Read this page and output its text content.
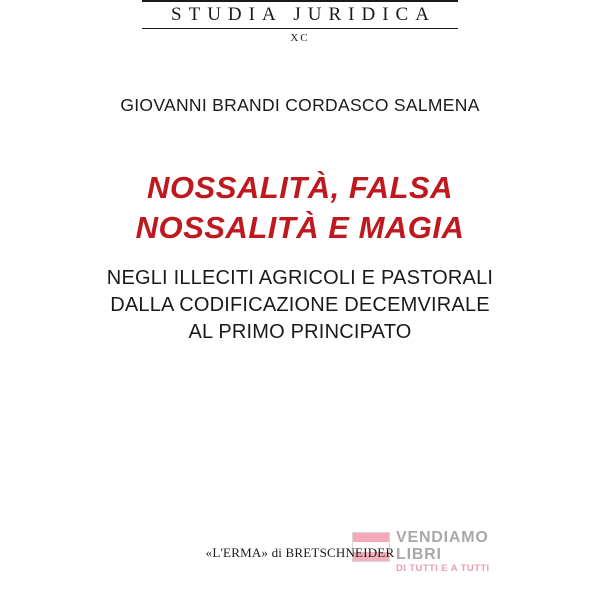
STUDIA JURIDICA
XC
GIOVANNI BRANDI CORDASCO SALMENA
NOSSALITÀ, FALSA
NOSSALITÀ E MAGIA
NEGLI ILLECITI AGRICOLI E PASTORALI
DALLA CODIFICAZIONE DECEMVIRALE
AL PRIMO PRINCIPATO
VENDIAMO
LIBRI
DI TUTTI E A TUTTI
«L'ERMA» di BRETSCHNEIDER
